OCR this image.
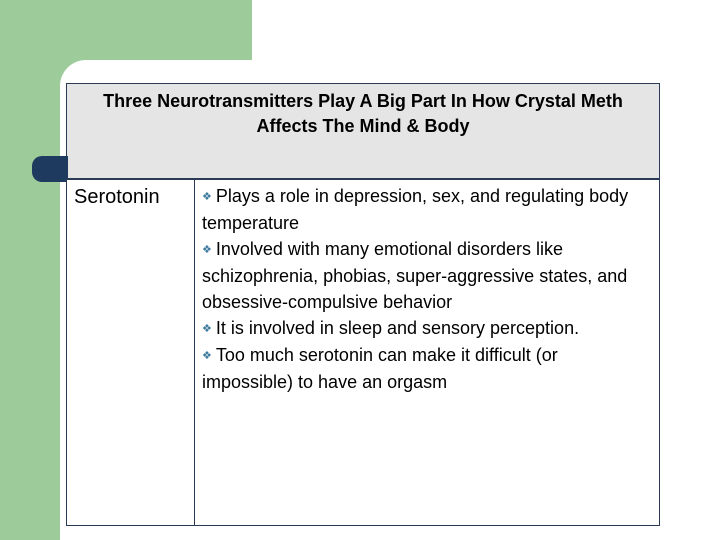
Three Neurotransmitters Play A Big Part In How Crystal Meth Affects The Mind & Body

Serotonin	❖ Plays a role in depression, sex, and regulating body temperature
❖ Involved with many emotional disorders like schizophrenia, phobias, super-aggressive states, and obsessive-compulsive behavior
❖ It is involved in sleep and sensory perception.
❖ Too much serotonin can make it difficult (or impossible) to have an orgasm
